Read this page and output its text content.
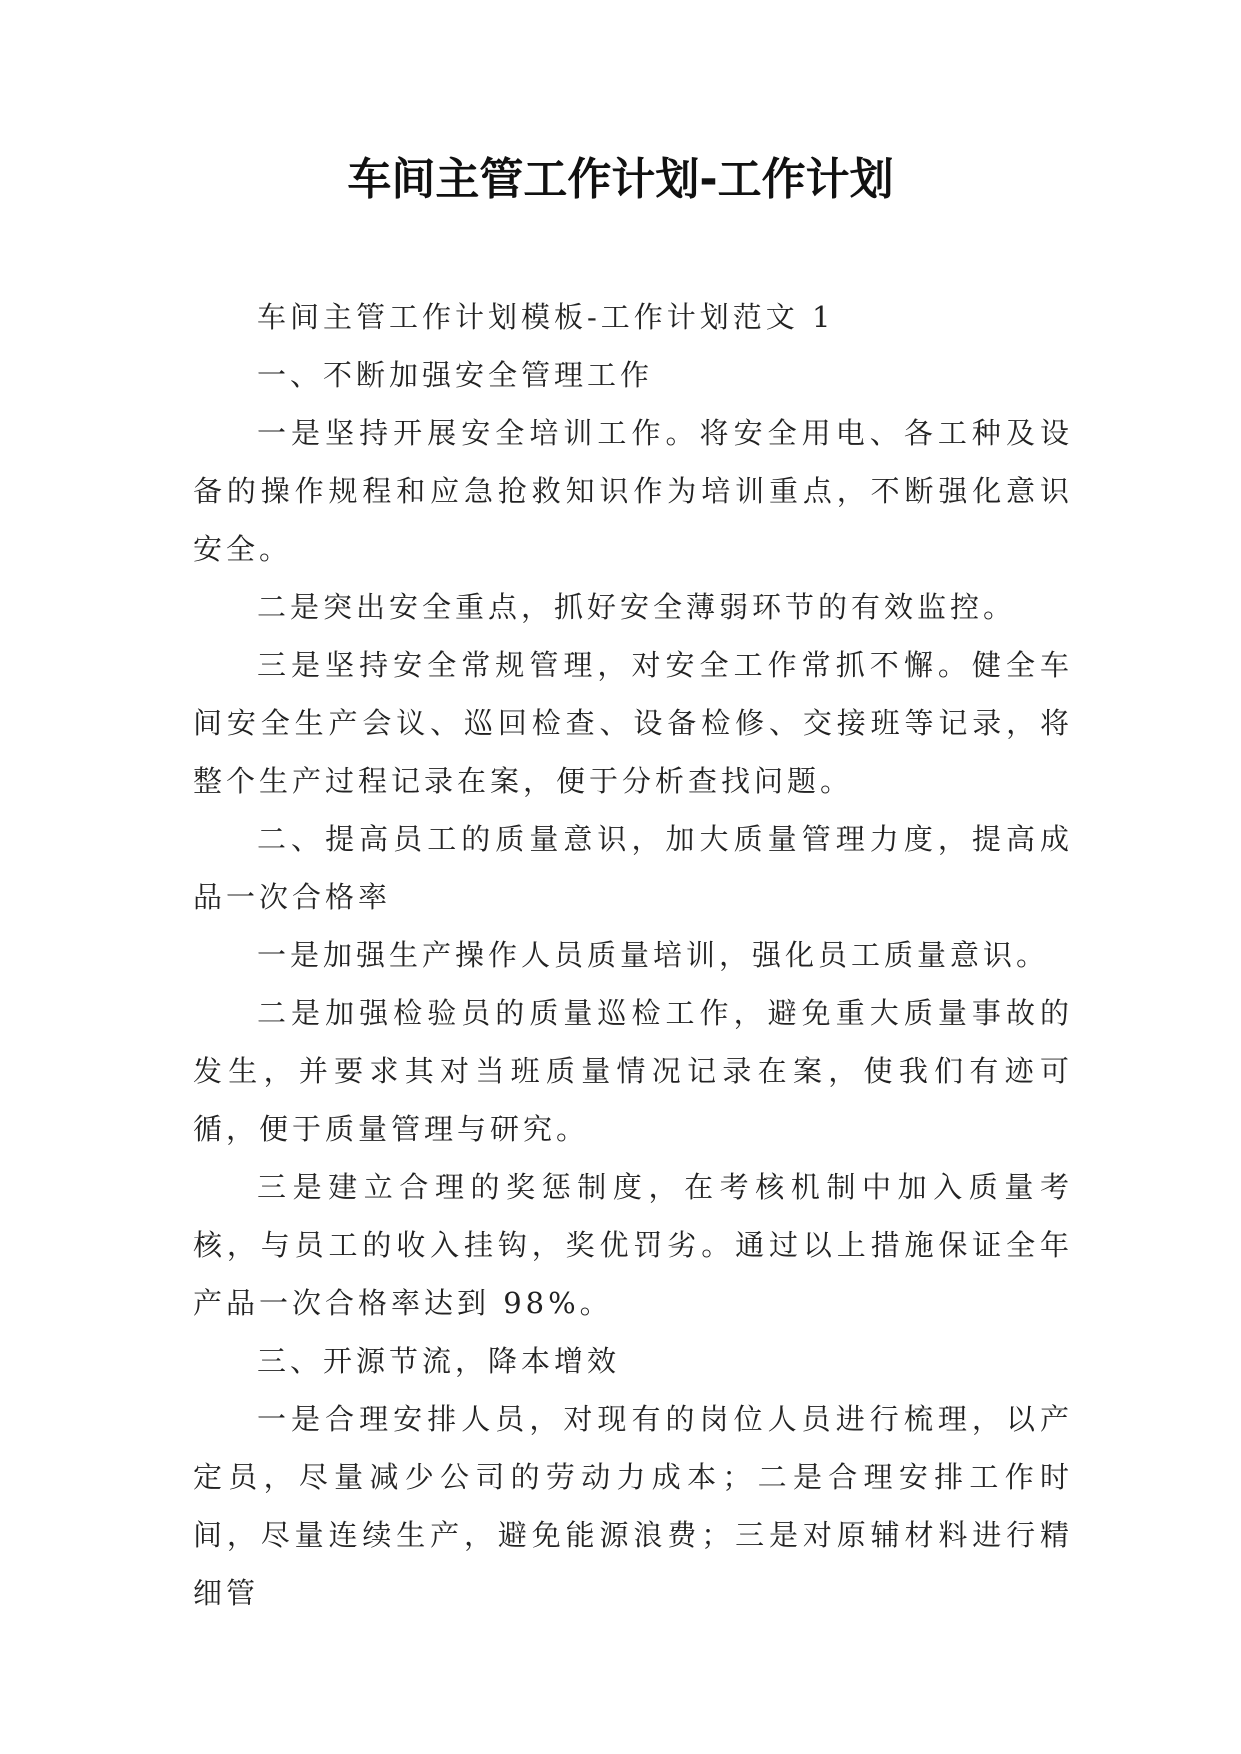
车间主管工作计划-工作计划

车间主管工作计划模板-工作计划范文 1

一、不断加强安全管理工作

一是坚持开展安全培训工作。将安全用电、各工种及设备的操作规程和应急抢救知识作为培训重点，不断强化意识安全。

二是突出安全重点，抓好安全薄弱环节的有效监控。

三是坚持安全常规管理，对安全工作常抓不懈。健全车间安全生产会议、巡回检查、设备检修、交接班等记录，将整个生产过程记录在案，便于分析查找问题。

二、提高员工的质量意识，加大质量管理力度，提高成品一次合格率

一是加强生产操作人员质量培训，强化员工质量意识。

二是加强检验员的质量巡检工作，避免重大质量事故的发生，并要求其对当班质量情况记录在案，使我们有迹可循，便于质量管理与研究。

三是建立合理的奖惩制度，在考核机制中加入质量考核，与员工的收入挂钩，奖优罚劣。通过以上措施保证全年产品一次合格率达到 98%。

三、开源节流，降本增效

一是合理安排人员，对现有的岗位人员进行梳理，以产定员，尽量减少公司的劳动力成本；二是合理安排工作时间，尽量连续生产，避免能源浪费；三是对原辅材料进行精细管
